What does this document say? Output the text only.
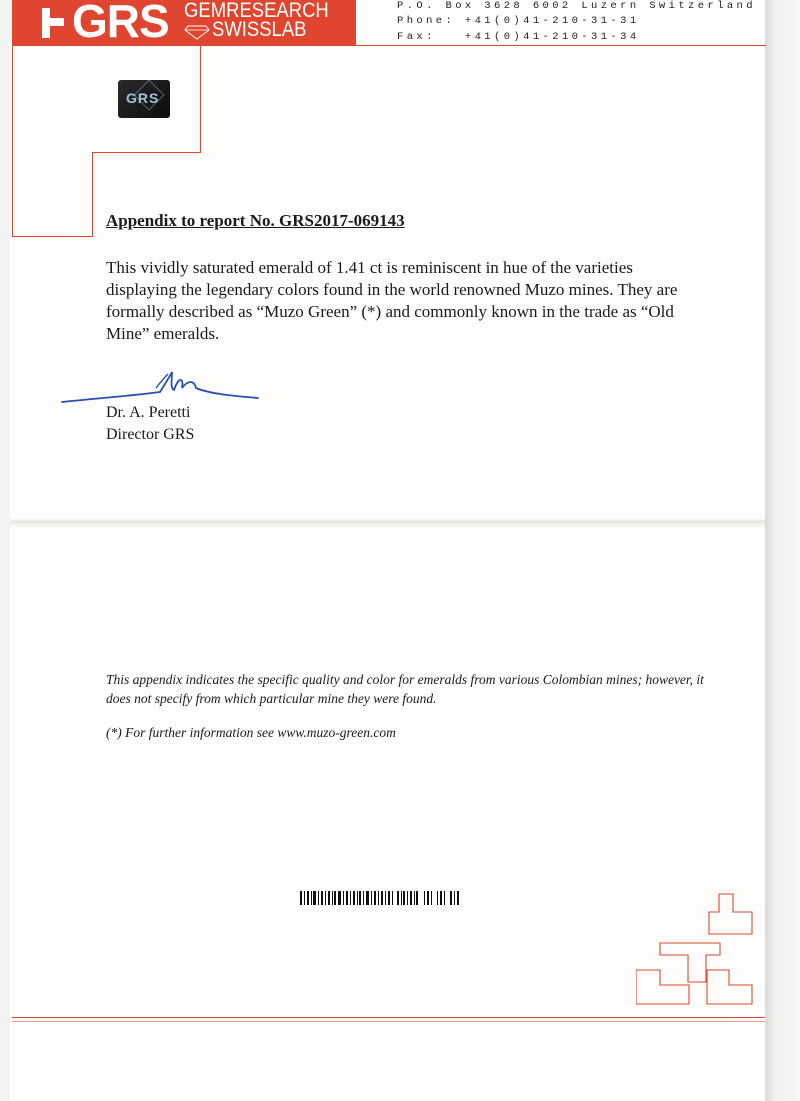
GRS GEMRESEARCH
SWISSLAB
P.O. Box 3628 6002 Luzern Switzerland
Phone: +41(0)41-210-31-31
Fax:   +41(0)41-210-31-34
GRS
Appendix to report No. GRS2017-069143

This vividly saturated emerald of 1.41 ct is reminiscent in hue of the varieties displaying the legendary colors found in the world renowned Muzo mines. They are formally described as “Muzo Green” (*) and commonly known in the trade as “Old Mine” emeralds.

Dr. A. Peretti
Director GRS

This appendix indicates the specific quality and color for emeralds from various Colombian mines; however, it does not specify from which particular mine they were found.

(*) For further information see www.muzo-green.com
